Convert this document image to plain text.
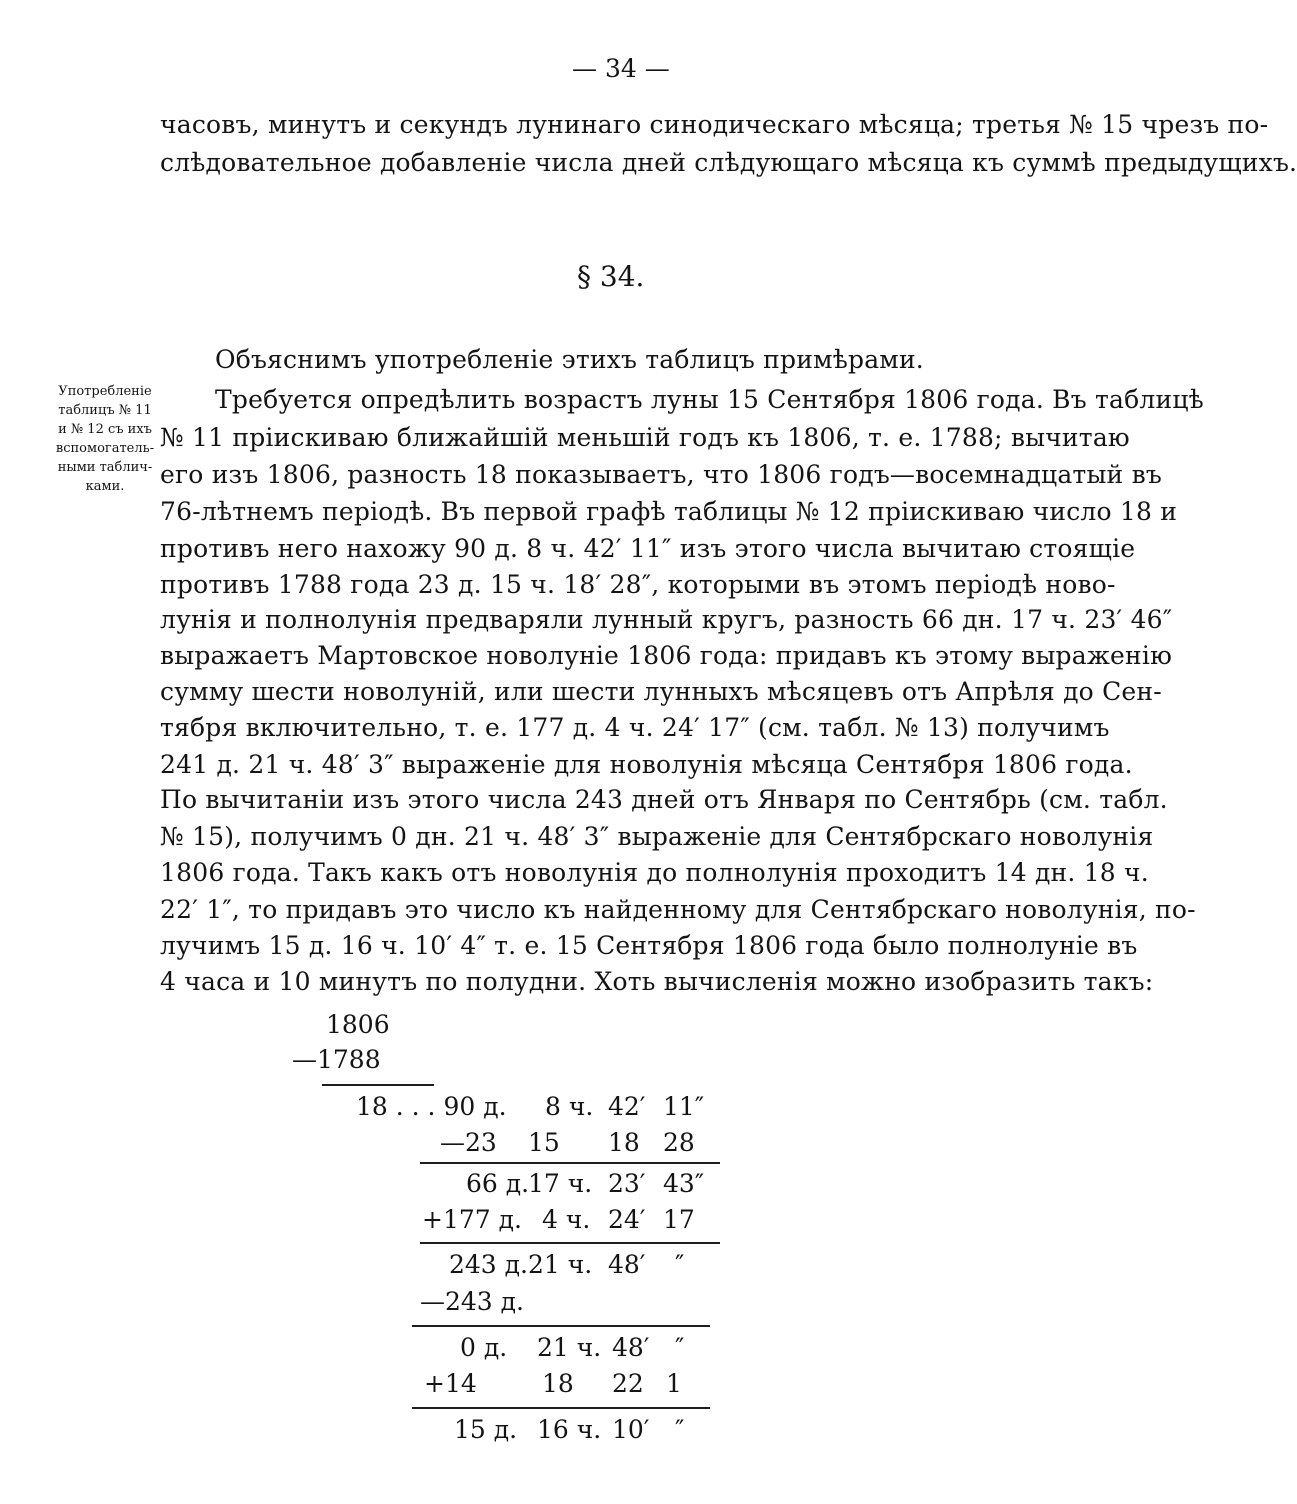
— 34 —
часовъ, минутъ и секундъ лунинаго синодическаго мѣсяца; третья № 15 чрезъ по-
слѣдовательное добавленіе числа дней слѣдующаго мѣсяца къ суммѣ предыдущихъ.
§ 34.
Употребленіе
таблицъ № 11
и № 12 съ ихъ
вспомогатель-
ными таблич-
ками.
Объяснимъ употребленіе этихъ таблицъ примѣрами.
Требуется опредѣлить возрастъ луны 15 Сентября 1806 года. Въ таблицѣ
№ 11 пріискиваю ближайшій меньшій годъ къ 1806, т. е. 1788; вычитаю
его изъ 1806, разность 18 показываетъ, что 1806 годъ—восемнадцатый въ
76-лѣтнемъ періодѣ. Въ первой графѣ таблицы № 12 пріискиваю число 18 и
противъ него нахожу 90 д. 8 ч. 42′ 11″ изъ этого числа вычитаю стоящіе
противъ 1788 года 23 д. 15 ч. 18′ 28″, которыми въ этомъ періодѣ ново-
лунія и полнолунія предваряли лунный кругъ, разность 66 дн. 17 ч. 23′ 46″
выражаетъ Мартовское новолуніе 1806 года: придавъ къ этому выраженію
сумму шести новолуній, или шести лунныхъ мѣсяцевъ отъ Апрѣля до Сен-
тября включительно, т. е. 177 д. 4 ч. 24′ 17″ (см. табл. № 13) получимъ
241 д. 21 ч. 48′ 3″ выраженіе для новолунія мѣсяца Сентября 1806 года.
По вычитаніи изъ этого числа 243 дней отъ Января по Сентябрь (см. табл.
№ 15), получимъ 0 дн. 21 ч. 48′ 3″ выраженіе для Сентябрскаго новолунія
1806 года. Такъ какъ отъ новолунія до полнолунія проходитъ 14 дн. 18 ч.
22′ 1″, то придавъ это число къ найденному для Сентябрскаго новолунія, по-
лучимъ 15 д. 16 ч. 10′ 4″ т. е. 15 Сентября 1806 года было полнолуніе въ
4 часа и 10 минутъ по полудни. Хоть вычисленія можно изобразить такъ:
1806
—1788
18 . . . 90 д. 8 ч. 42′ 11″
—23 15 18 28
66 д.
17 ч. 23′ 43″
+177 д. 4 ч. 24′ 17
243 д. 21 ч. 48′ ″
—243 д.
0 д. 21 ч. 48′ ″
+14	18 22 1
15 д. 16 ч. 10′ ″
